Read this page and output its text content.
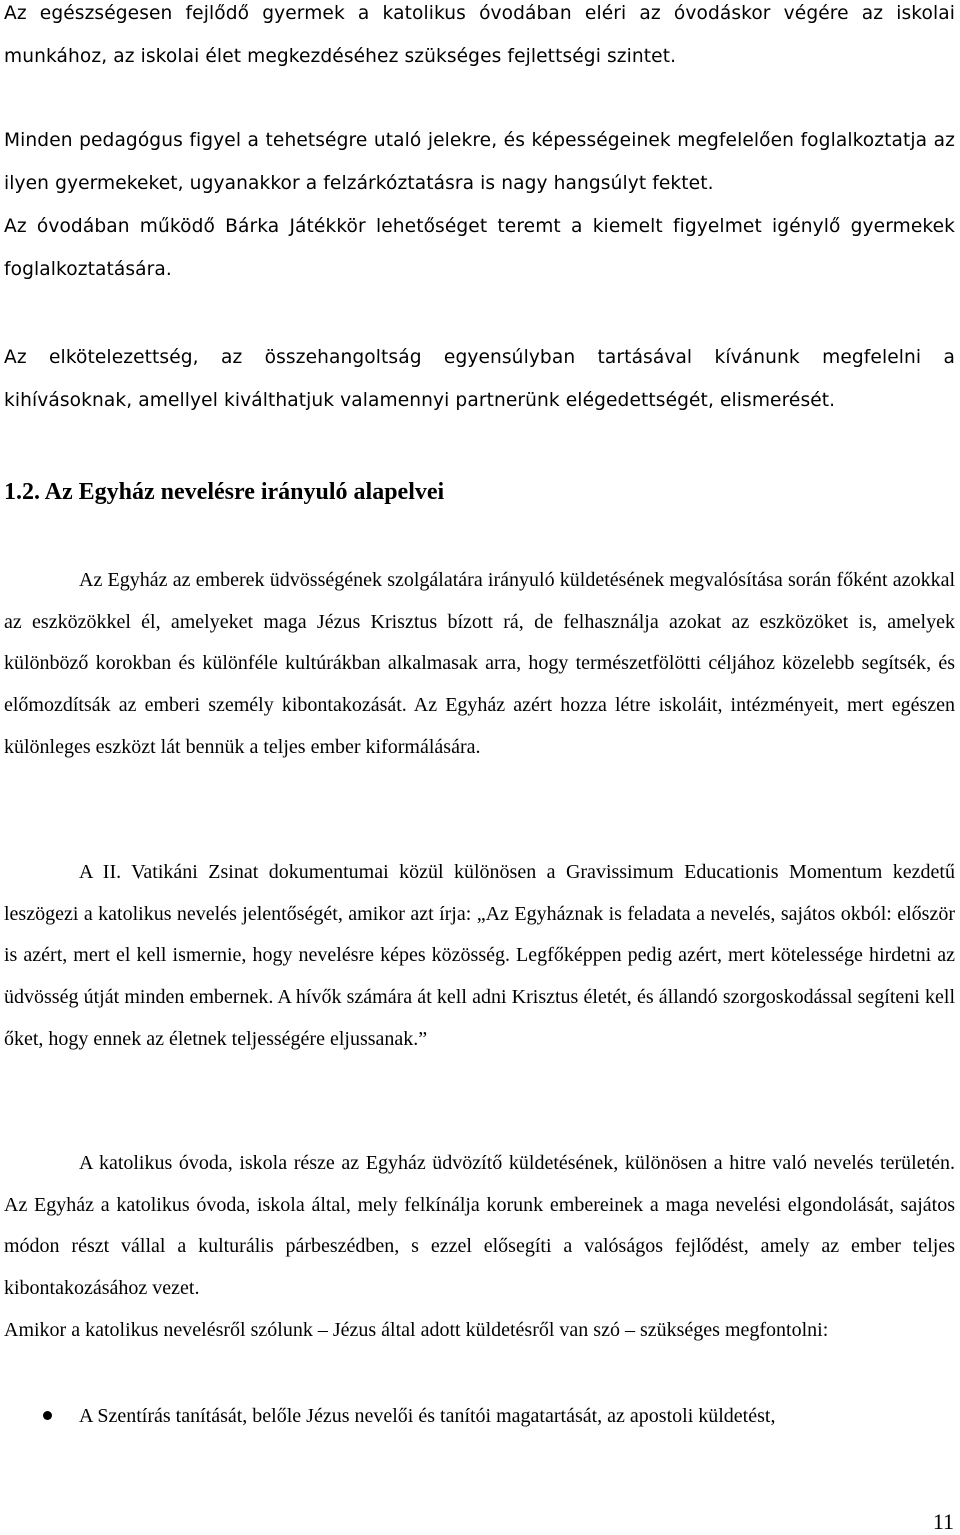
Az egészségesen fejlődő gyermek a katolikus óvodában eléri az óvodáskor végére az iskolai munkához, az iskolai élet megkezdéséhez szükséges fejlettségi szintet.

Minden pedagógus figyel a tehetségre utaló jelekre, és képességeinek megfelelően foglalkoztatja az ilyen gyermekeket, ugyanakkor a felzárkóztatásra is nagy hangsúlyt fektet.

Az óvodában működő Bárka Játékkör lehetőséget teremt a kiemelt figyelmet igénylő gyermekek foglalkoztatására.

Az elkötelezettség, az összehangoltság egyensúlyban tartásával kívánunk megfelelni a kihívásoknak, amellyel kiválthatjuk valamennyi partnerünk elégedettségét, elismerését.

1.2. Az Egyház nevelésre irányuló alapelvei

Az Egyház az emberek üdvösségének szolgálatára irányuló küldetésének megvalósítása során főként azokkal az eszközökkel él, amelyeket maga Jézus Krisztus bízott rá, de felhasználja azokat az eszközöket is, amelyek különböző korokban és különféle kultúrákban alkalmasak arra, hogy természetfölötti céljához közelebb segítsék, és előmozdítsák az emberi személy kibontakozását. Az Egyház azért hozza létre iskoláit, intézményeit, mert egészen különleges eszközt lát bennük a teljes ember kiformálására.

A II. Vatikáni Zsinat dokumentumai közül különösen a Gravissimum Educationis Momentum kezdetű leszögezi a katolikus nevelés jelentőségét, amikor azt írja: „Az Egyháznak is feladata a nevelés, sajátos okból: először is azért, mert el kell ismernie, hogy nevelésre képes közösség. Legfőképpen pedig azért, mert kötelessége hirdetni az üdvösség útját minden embernek. A hívők számára át kell adni Krisztus életét, és állandó szorgoskodással segíteni kell őket, hogy ennek az életnek teljességére eljussanak.”

A katolikus óvoda, iskola része az Egyház üdvözítő küldetésének, különösen a hitre való nevelés területén. Az Egyház a katolikus óvoda, iskola által, mely felkínálja korunk embereinek a maga nevelési elgondolását, sajátos módon részt vállal a kulturális párbeszédben, s ezzel elősegíti a valóságos fejlődést, amely az ember teljes kibontakozásához vezet.

Amikor a katolikus nevelésről szólunk – Jézus által adott küldetésről van szó – szükséges megfontolni:

A Szentírás tanítását, belőle Jézus nevelői és tanítói magatartását, az apostoli küldetést,
11
